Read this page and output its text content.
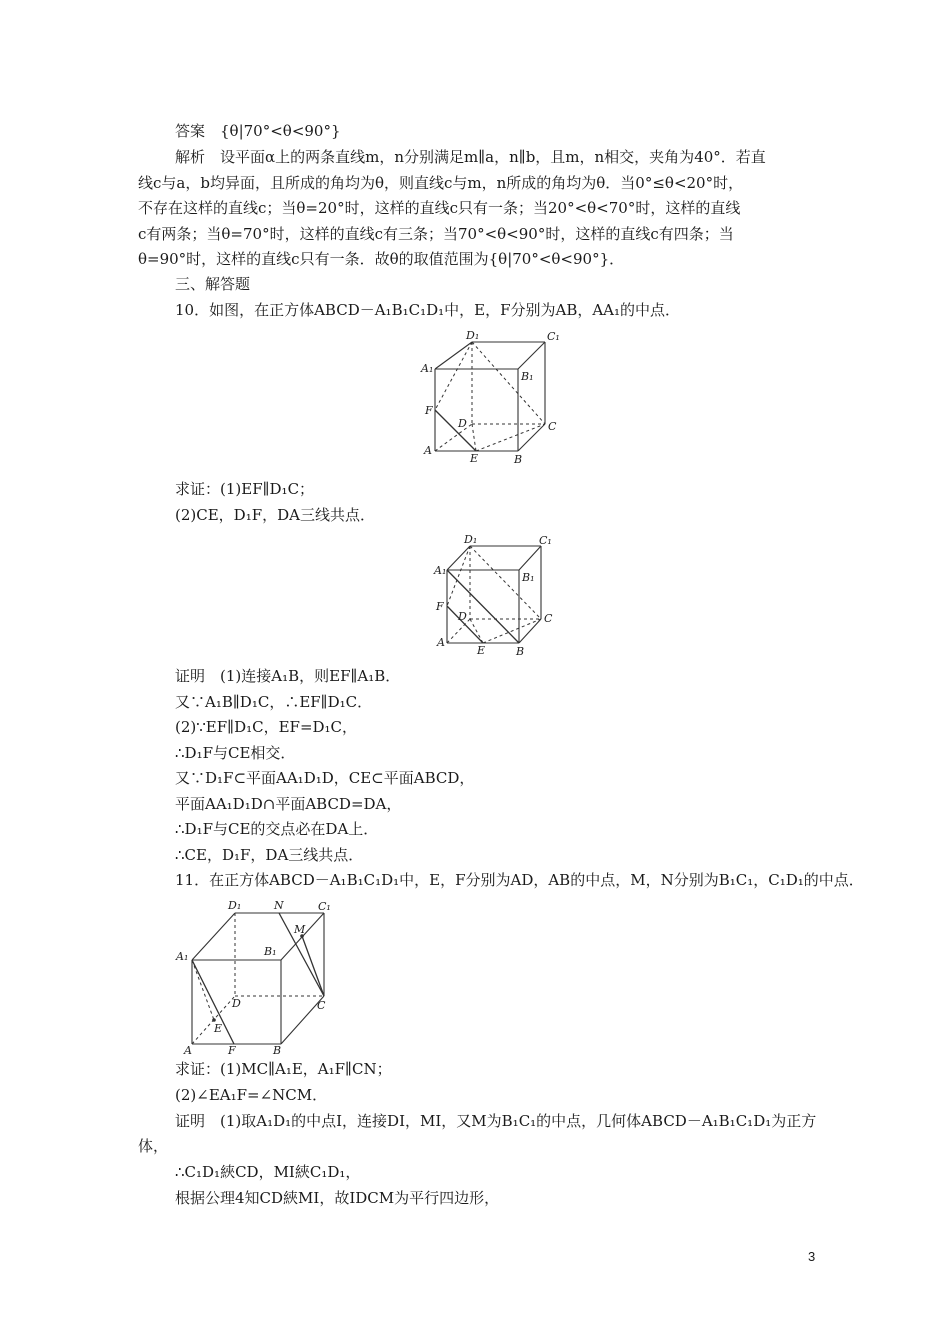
答案　{θ|70°<θ<90°}
解析　设平面α上的两条直线m，n分别满足m∥a，n∥b，且m，n相交，夹角为40°．若直
线c与a，b均异面，且所成的角均为θ，则直线c与m，n所成的角均为θ．当0°≤θ<20°时，
不存在这样的直线c；当θ=20°时，这样的直线c只有一条；当20°<θ<70°时，这样的直线
c有两条；当θ=70°时，这样的直线c有三条；当70°<θ<90°时，这样的直线c有四条；当
θ=90°时，这样的直线c只有一条．故θ的取值范围为{θ|70°<θ<90°}．
三、解答题
10．如图，在正方体ABCD－A₁B₁C₁D₁中，E，F分别为AB，AA₁的中点．
D₁	C₁
A₁
B₁
F
D	C
A
E	B
求证：(1)EF∥D₁C；
(2)CE，D₁F，DA三线共点．
D₁	C₁
A₁
B₁
F
D	C
A
E	B
证明　(1)连接A₁B，则EF∥A₁B．
又∵A₁B∥D₁C，∴EF∥D₁C．
(2)∵EF∥D₁C，EF=D₁C，
∴D₁F与CE相交．
又∵D₁F⊂平面AA₁D₁D，CE⊂平面ABCD，
平面AA₁D₁D∩平面ABCD=DA，
∴D₁F与CE的交点必在DA上．
∴CE，D₁F，DA三线共点．
11．在正方体ABCD－A₁B₁C₁D₁中，E，F分别为AD，AB的中点，M，N分别为B₁C₁，C₁D₁的中点．
D₁	N	C₁
M
B₁
A₁
D	C
E
A	F	B
求证：(1)MC∥A₁E，A₁F∥CN；
(2)∠EA₁F=∠NCM．
证明　(1)取A₁D₁的中点I，连接DI，MI，又M为B₁C₁的中点，几何体ABCD－A₁B₁C₁D₁为正方
体，
∴C₁D₁綊CD，MI綊C₁D₁，
根据公理4知CD綊MI，故IDCM为平行四边形，
3
